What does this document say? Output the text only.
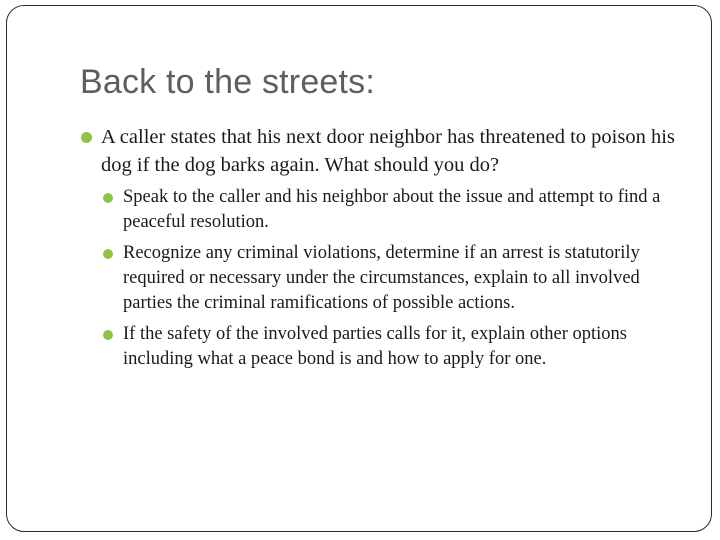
Back to the streets:
A caller states that his next door neighbor has threatened to poison his dog if the dog barks again. What should you do?
Speak to the caller and his neighbor about the issue and attempt to find a peaceful resolution.
Recognize any criminal violations, determine if an arrest is statutorily required or necessary under the circumstances, explain to all involved parties the criminal ramifications of possible actions.
If the safety of the involved parties calls for it, explain other options including what a peace bond is and how to apply for one.
